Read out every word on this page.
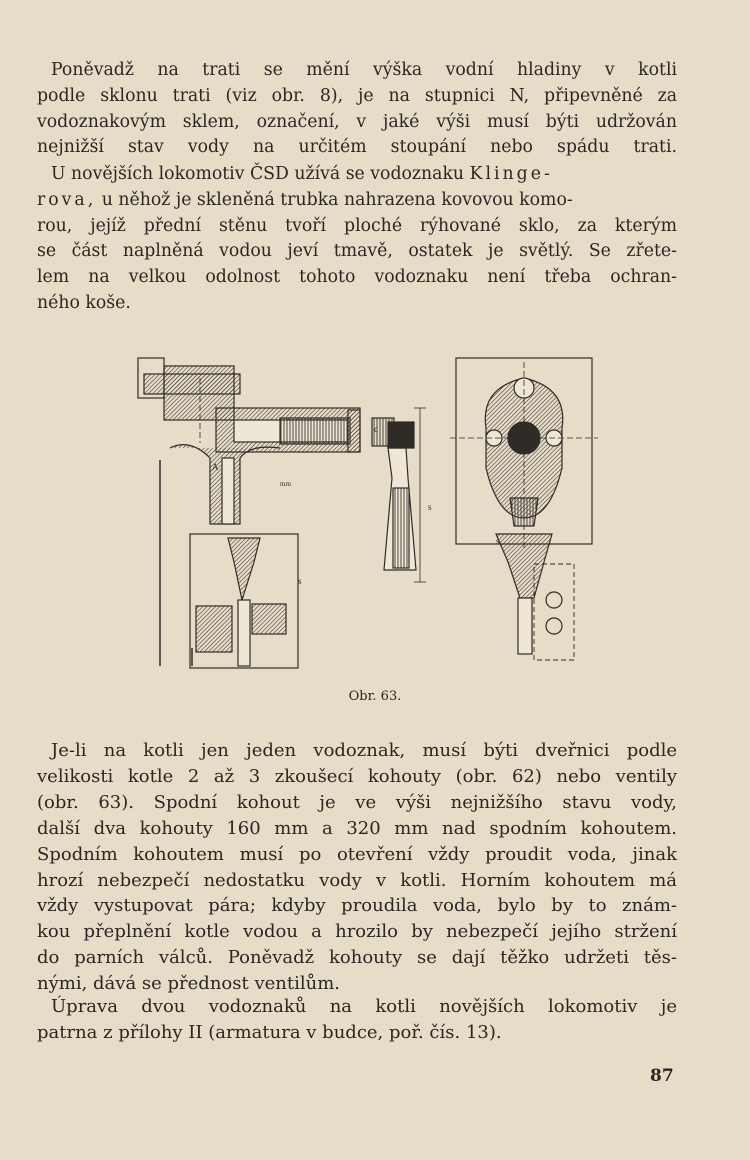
Poněvadž na trati se mění výška vodní hladiny v kotli
podle sklonu trati (viz obr. 8), je na stupnici N, připevněné za
vodoznakovým sklem, označení, v jaké výši musí býti udržován
nejnižší stav vody na určitém stoupání nebo spádu trati.

U novějších lokomotiv ČSD užívá se vodoznaku Klinge-
rova, u něhož je skleněná trubka nahrazena kovovou komo-
rou, jejíž přední stěnu tvoří ploché rýhované sklo, za kterým
se část naplněná vodou jeví tmavě, ostatek je světlý. Se zřete-
lem na velkou odolnost tohoto vodoznaku není třeba ochran-
ného koše.

A
c
s
s
s
mm
Obr. 63.

Je-li na kotli jen jeden vodoznak, musí býti dveřnici podle
velikosti kotle 2 až 3 zkoušecí kohouty (obr. 62) nebo ventily
(obr. 63). Spodní kohout je ve výši nejnižšího stavu vody,
další dva kohouty 160 mm a 320 mm nad spodním kohoutem.
Spodním kohoutem musí po otevření vždy proudit voda, jinak
hrozí nebezpečí nedostatku vody v kotli. Horním kohoutem má
vždy vystupovat pára; kdyby proudila voda, bylo by to znám-
kou přeplnění kotle vodou a hrozilo by nebezpečí jejího stržení
do parních válců. Poněvadž kohouty se dají těžko udržeti těs-
nými, dává se přednost ventilům.

Úprava dvou vodoznaků na kotli novějších lokomotiv je
patrna z přílohy II (armatura v budce, poř. čís. 13).

87
